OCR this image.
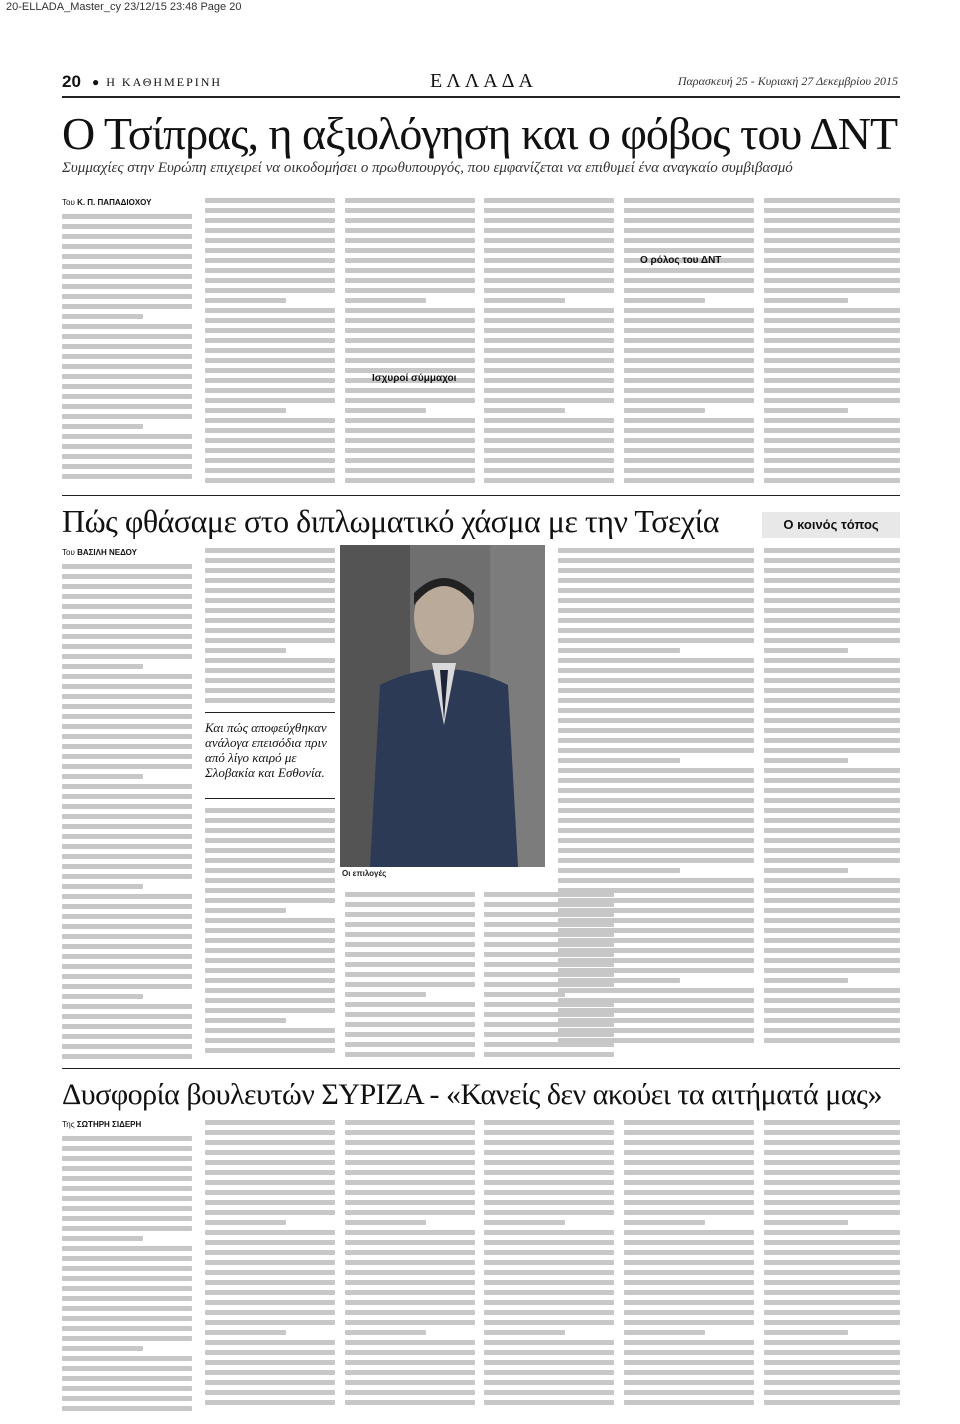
20-ELLADA_Master_cy 23/12/15 23:48 Page 20
20 ● Η ΚΑΘΗΜΕΡΙΝΗ	ΕΛΛΑΔΑ	Παρασκευή 25 - Κυριακή 27 Δεκεμβρίου 2015
Ο Τσίπρας, η αξιολόγηση και ο φόβος του ΔΝΤ
Συμμαχίες στην Ευρώπη επιχειρεί να οικοδομήσει ο πρωθυπουργός, που εμφανίζεται να επιθυμεί ένα αναγκαίο συμβιβασμό
Του Κ. Π. ΠΑΠΑΔΙΟΧΟΥ
Ισχυροί σύμμαχοι
Ο ρόλος του ΔΝΤ
Πώς φθάσαμε στο διπλωματικό χάσμα με την Τσεχία	Ο κοινός τόπος
Του ΒΑΣΙΛΗ ΝΕΔΟΥ
Και πώς αποφεύχθηκαν ανάλογα επεισόδια πριν από λίγο καιρό με Σλοβακία και Εσθονία.
Οι επιλογές
Δυσφορία βουλευτών ΣΥΡΙΖΑ - «Κανείς δεν ακούει τα αιτήματά μας»
Της ΣΩΤΗΡΗ ΣΙΔΕΡΗ
